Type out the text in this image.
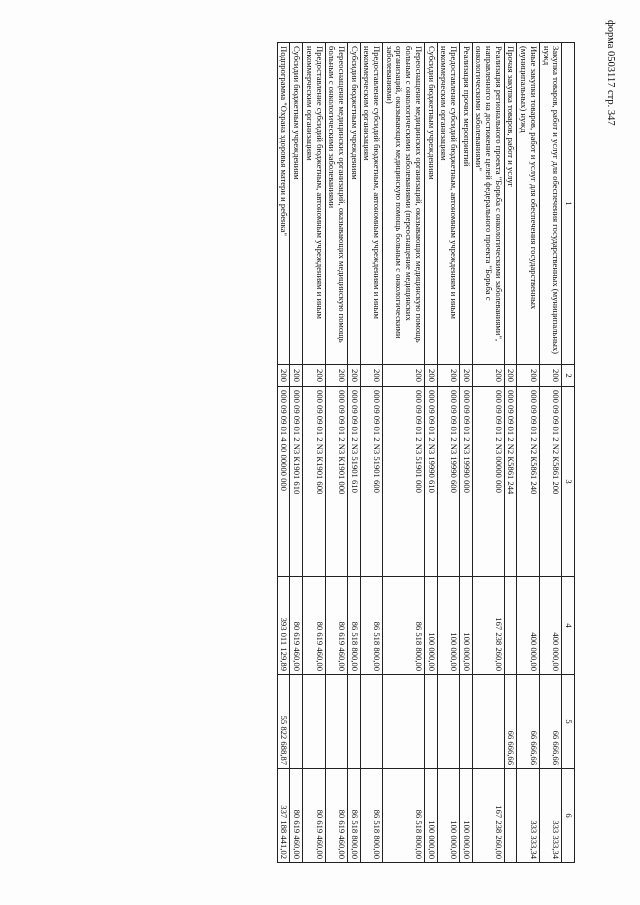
форма 0503117 стр. 347
1	2	3	4	5	6
Закупка товаров, работ и услуг для обеспечения государственных (муниципальных) нужд	200	000 09 09 01 2 N2 К5861 200	400 000,00	66 666,66	333 333,34
Иные закупки товаров, работ и услуг для обеспечения государственных (муниципальных) нужд	200	000 09 09 01 2 N2 К5861 240	400 000,00	66 666,66	333 333,34
Прочая закупка товаров, работ и услуг	200	000 09 09 01 2 N2 К5861 244		66 666,66	
Реализация регионального проекта "Борьба с онкологическими заболеваниями", направленного на достижение целей федерального проекта "Борьба с онкологическими заболеваниями"	200	000 09 09 01 2 N3 00000 000	167 238 260,00		167 238 260,00
Реализация прочих мероприятий	200	000 09 09 01 2 N3 19990 000	100 000,00		100 000,00
Предоставление субсидий бюджетным, автономным учреждениям и иным некоммерческим организациям	200	000 09 09 01 2 N3 19990 600	100 000,00		100 000,00
Субсидии бюджетным учреждениям	200	000 09 09 01 2 N3 19990 610	100 000,00		100 000,00
Переоснащение медицинских организаций, оказывающих медицинскую помощь больным с онкологическими заболеваниями (переоснащение медицинских организаций, оказывающих медицинскую помощь больным с онкологическими заболеваниями)	200	000 09 09 01 2 N3 51901 000	86 518 800,00		86 518 800,00
Предоставление субсидий бюджетным, автономным учреждениям и иным некоммерческим организациям	200	000 09 09 01 2 N3 51901 600	86 518 800,00		86 518 800,00
Субсидии бюджетным учреждениям	200	000 09 09 01 2 N3 51901 610	86 518 800,00		86 518 800,00
Переоснащение медицинских организаций, оказывающих медицинскую помощь больным с онкологическими заболеваниями	200	000 09 09 01 2 N3 К1901 000	80 619 460,00		80 619 460,00
Предоставление субсидий бюджетным, автономным учреждениям и иным некоммерческим организациям	200	000 09 09 01 2 N3 К1901 600	80 619 460,00		80 619 460,00
Субсидии бюджетным учреждениям	200	000 09 09 01 2 N3 К1901 610	80 619 460,00		80 619 460,00
Подпрограмма "Охрана здоровья матери и ребенка"	200	000 09 09 01 4 00 00000 000	393 011 129,89	55 822 688,87	337 188 441,02
